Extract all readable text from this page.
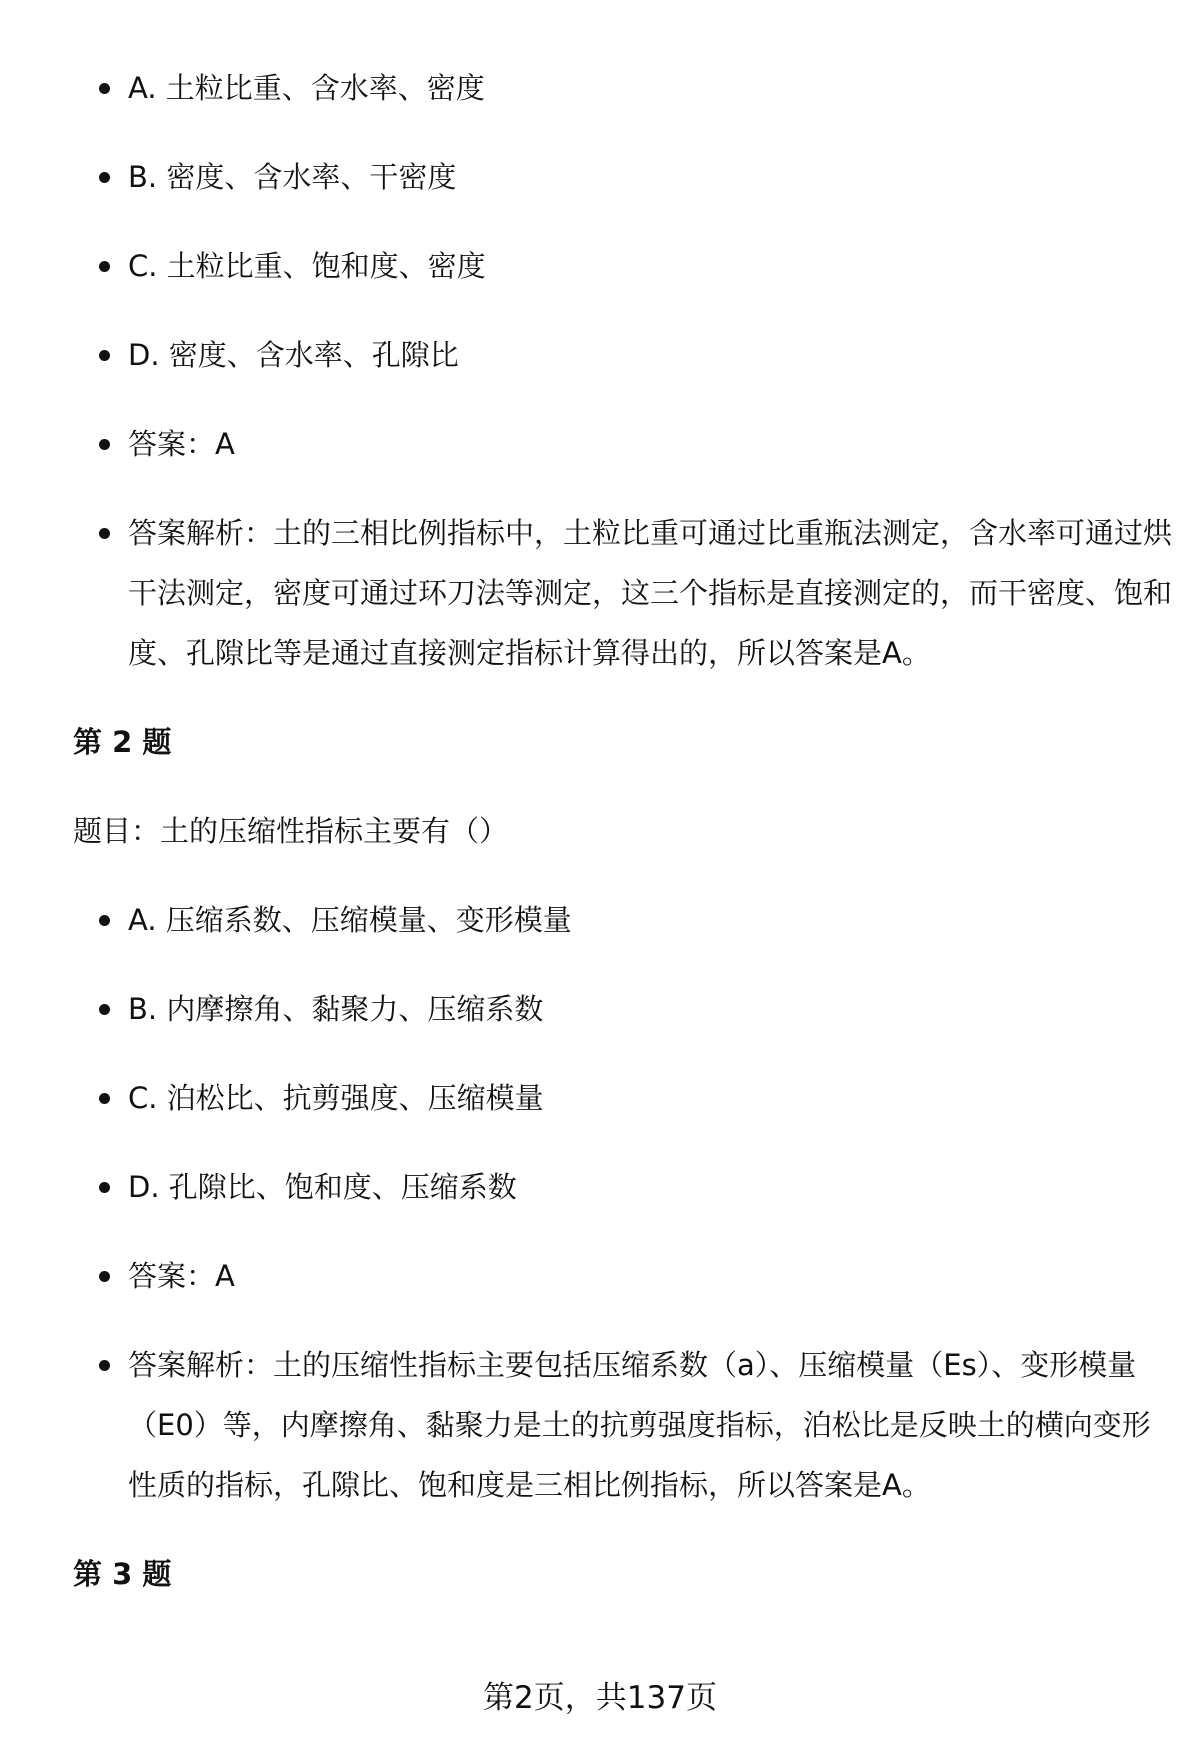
A. 土粒比重、含水率、密度
B. 密度、含水率、干密度
C. 土粒比重、饱和度、密度
D. 密度、含水率、孔隙比
答案：A
答案解析：土的三相比例指标中，土粒比重可通过比重瓶法测定，含水率可通过烘干法测定，密度可通过环刀法等测定，这三个指标是直接测定的，而干密度、饱和度、孔隙比等是通过直接测定指标计算得出的，所以答案是A。
第 2 题
题目：土的压缩性指标主要有（）
A. 压缩系数、压缩模量、变形模量
B. 内摩擦角、黏聚力、压缩系数
C. 泊松比、抗剪强度、压缩模量
D. 孔隙比、饱和度、压缩系数
答案：A
答案解析：土的压缩性指标主要包括压缩系数（a）、压缩模量（Es）、变形模量（E0）等，内摩擦角、黏聚力是土的抗剪强度指标，泊松比是反映土的横向变形性质的指标，孔隙比、饱和度是三相比例指标，所以答案是A。
第 3 题
第2页，共137页
